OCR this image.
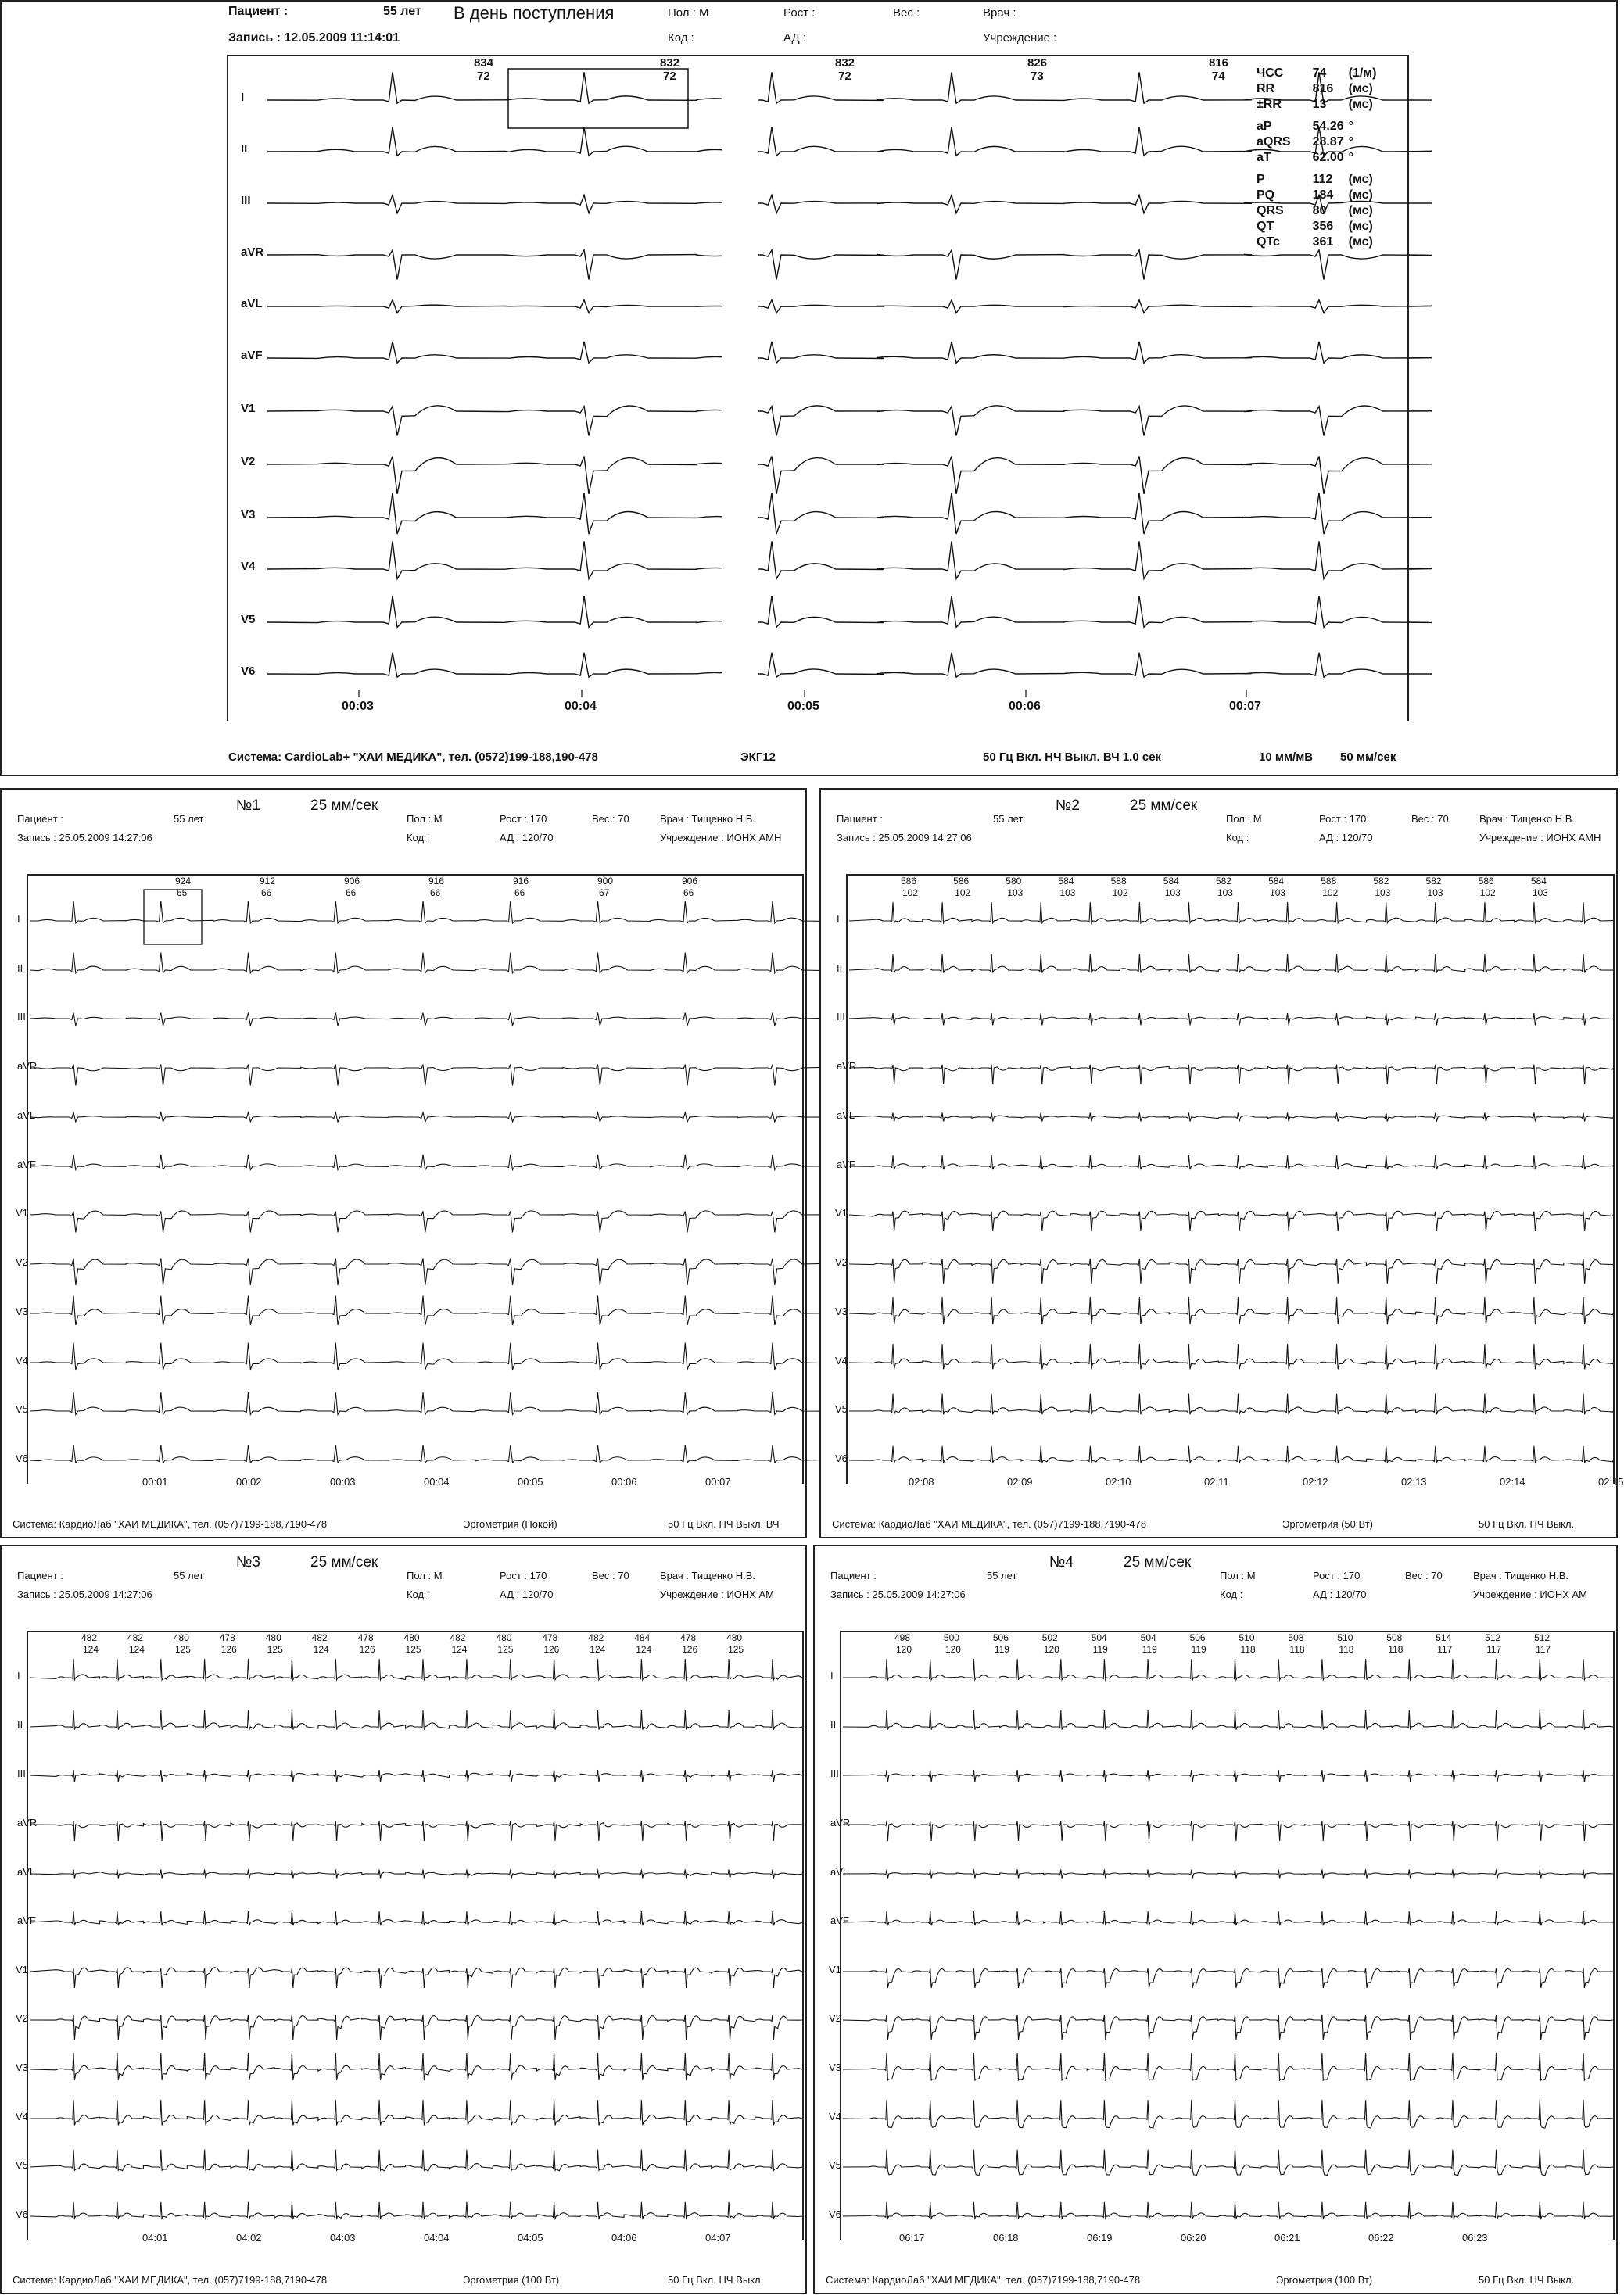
Пациент :	55 лет В день поступления	Пол : М	Рост :	Вес :	Врач :
Запись : 12.05.2009 11:14:01	Код :	АД :	Учреждение :
ЧСС	74	(1/м)
RR	816	(мс)
±RR	13	(мс)
aP	54.26	°
aQRS	28.87	°
aT	62.00	°
P	112	(мс)
PQ	184	(мс)
QRS	80	(мс)
QT	356	(мс)
QTc	361	(мс)
Система: CardioLab+ "ХАИ МЕДИКА", тел. (0572)199-188,190-478	ЭКГ12	50 Гц Вкл. НЧ Выкл. ВЧ 1.0 сек	10 мм/мВ 50 мм/сек
I
II
III
aVR
aVL
aVF
V1
V2
V3
V4
V5
V6
834
72
832
72
832
72
826
73
816
74
00:03	00:04	00:05	00:06	00:07
№1	25 мм/сек
Пациент :	55 лет	Пол : М	Рост : 170	Вес : 70	Врач : Тищенко Н.В.
Запись : 25.05.2009 14:27:06	Код :	АД : 120/70	Учреждение : ИОНХ АМН
I
II
III
aVR
aVL
aVF
V1
V2
V3
V4
V5
V6
924
65
912
66
906
66
916
66
916
66
900
67
906
66
00:01	00:02	00:03	00:04	00:05	00:06	00:07
Система: КардиоЛаб "ХАИ МЕДИКА", тел. (057)7199-188,7190-478	Эргометрия (Покой)	50 Гц Вкл. НЧ Выкл. ВЧ
№2	25 мм/сек
Пациент :	55 лет	Пол : М	Рост : 170	Вес : 70	Врач : Тищенко Н.В.
Запись : 25.05.2009 14:27:06	Код :	АД : 120/70	Учреждение : ИОНХ АМН
I
II
III
aVR
aVL
aVF
V1
V2
V3
V4
V5
V6
586
102
586
102
580
103
584
103
588
102
584
103
582
103
584
103
588
102
582
103
582
103
586
102
584
103
02:08	02:09	02:10	02:11	02:12	02:13	02:14	02:15
Система: КардиоЛаб "ХАИ МЕДИКА", тел. (057)7199-188,7190-478	Эргометрия (50 Вт)	50 Гц Вкл. НЧ Выкл.
№3	25 мм/сек
Пациент :	55 лет	Пол : М	Рост : 170	Вес : 70	Врач : Тищенко Н.В.
Запись : 25.05.2009 14:27:06	Код :	АД : 120/70	Учреждение : ИОНХ АМ
I
II
III
aVR
aVL
aVF
V1
V2
V3
V4
V5
V6
482
124
482
124
480
125
478
126
480
125
482
124
478
126
480
125
482
124
480
125
478
126
482
124
484
124
478
126
480
125
04:01	04:02	04:03	04:04	04:05	04:06	04:07
Система: КардиоЛаб "ХАИ МЕДИКА", тел. (057)7199-188,7190-478	Эргометрия (100 Вт)	50 Гц Вкл. НЧ Выкл.
№4	25 мм/сек
Пациент :	55 лет	Пол : М	Рост : 170	Вес : 70	Врач : Тищенко Н.В.
Запись : 25.05.2009 14:27:06	Код :	АД : 120/70	Учреждение : ИОНХ АМ
I
II
III
aVR
aVL
aVF
V1
V2
V3
V4
V5
V6
498
120
500
120
506
119
502
120
504
119
504
119
506
119
510
118
508
118
510
118
508
118
514
117
512
117
512
117
06:17	06:18	06:19	06:20	06:21	06:22	06:23
Система: КардиоЛаб "ХАИ МЕДИКА", тел. (057)7199-188,7190-478	Эргометрия (100 Вт)	50 Гц Вкл. НЧ Выкл.
